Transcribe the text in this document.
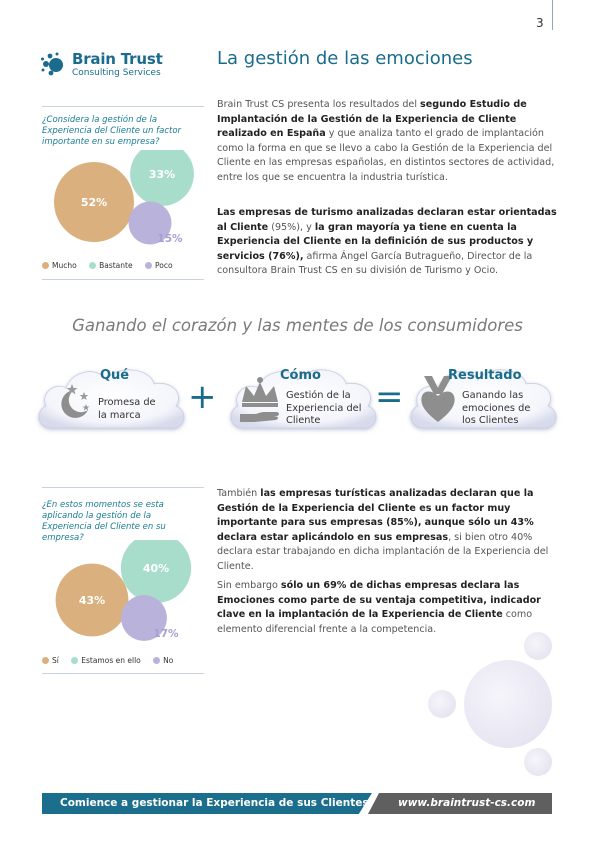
3
Brain Trust
Consulting Services
La gestión de las emociones
¿Considera la gestión de la Experiencia del Cliente un factor importante en su empresa?
52%
33%
15%
Mucho	Bastante	Poco
Brain Trust CS presenta los resultados del segundo Estudio de Implantación de la Gestión de la Experiencia de Cliente realizado en España y que analiza tanto el grado de implantación como la forma en que se llevo a cabo la Gestión de la Experiencia del Cliente en las empresas españolas, en distintos sectores de actividad, entre los que se encuentra la industria turística.
Las empresas de turismo analizadas declaran estar orientadas al Cliente (95%), y la gran mayoría ya tiene en cuenta la Experiencia del Cliente en la definición de sus productos y servicios (76%), afirma Ángel García Butragueño, Director de la consultora Brain Trust CS en su división de Turismo y Ocio.
Ganando el corazón y las mentes de los consumidores
Qué
Promesa de la marca	+
Cómo
Gestión de la Experiencia del Cliente
=
Resultado
Ganando las emociones de los Clientes
¿En estos momentos se esta aplicando la gestión de la Experiencia del Cliente en su empresa?
43%
40%
17%
Sí	Estamos en ello	No
También las empresas turísticas analizadas declaran que la Gestión de la Experiencia del Cliente es un factor muy importante para sus empresas (85%), aunque sólo un 43% declara estar aplicándolo en sus empresas, si bien otro 40% declara estar trabajando en dicha implantación de la Experiencia del Cliente.
Sin embargo sólo un 69% de dichas empresas declara las Emociones como parte de su ventaja competitiva, indicador clave en la implantación de la Experiencia de Cliente como elemento diferencial frente a la competencia.
Comience a gestionar la Experiencia de sus Clientes	www.braintrust-cs.com
